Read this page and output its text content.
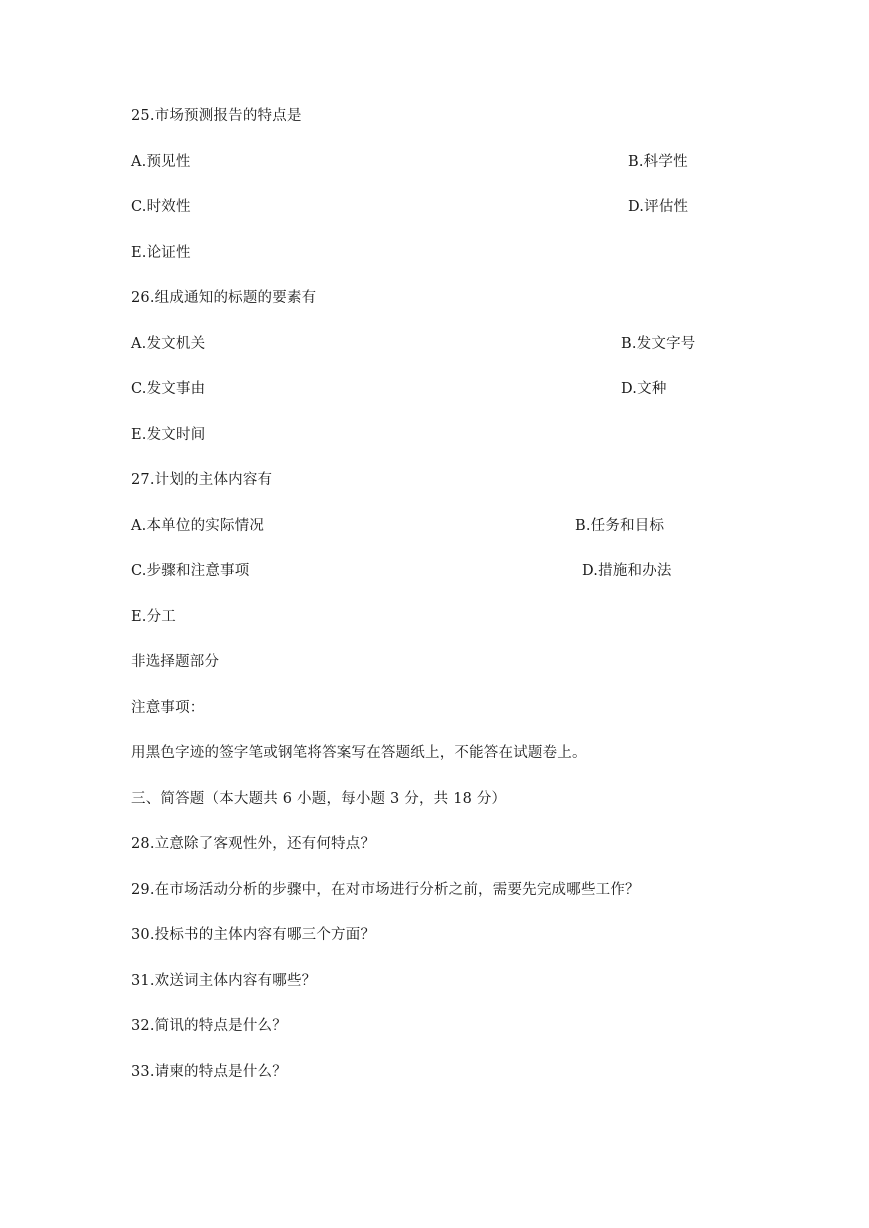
25.市场预测报告的特点是
A.预见性	B.科学性
C.时效性	D.评估性
E.论证性
26.组成通知的标题的要素有
A.发文机关	B.发文字号
C.发文事由	D.文种
E.发文时间
27.计划的主体内容有
A.本单位的实际情况	B.任务和目标
C.步骤和注意事项	D.措施和办法
E.分工
非选择题部分
注意事项：
用黑色字迹的签字笔或钢笔将答案写在答题纸上，不能答在试题卷上。
三、简答题（本大题共 6 小题，每小题 3 分，共 18 分）
28.立意除了客观性外，还有何特点？
29.在市场活动分析的步骤中，在对市场进行分析之前，需要先完成哪些工作？
30.投标书的主体内容有哪三个方面？
31.欢送词主体内容有哪些？
32.简讯的特点是什么？
33.请柬的特点是什么？
